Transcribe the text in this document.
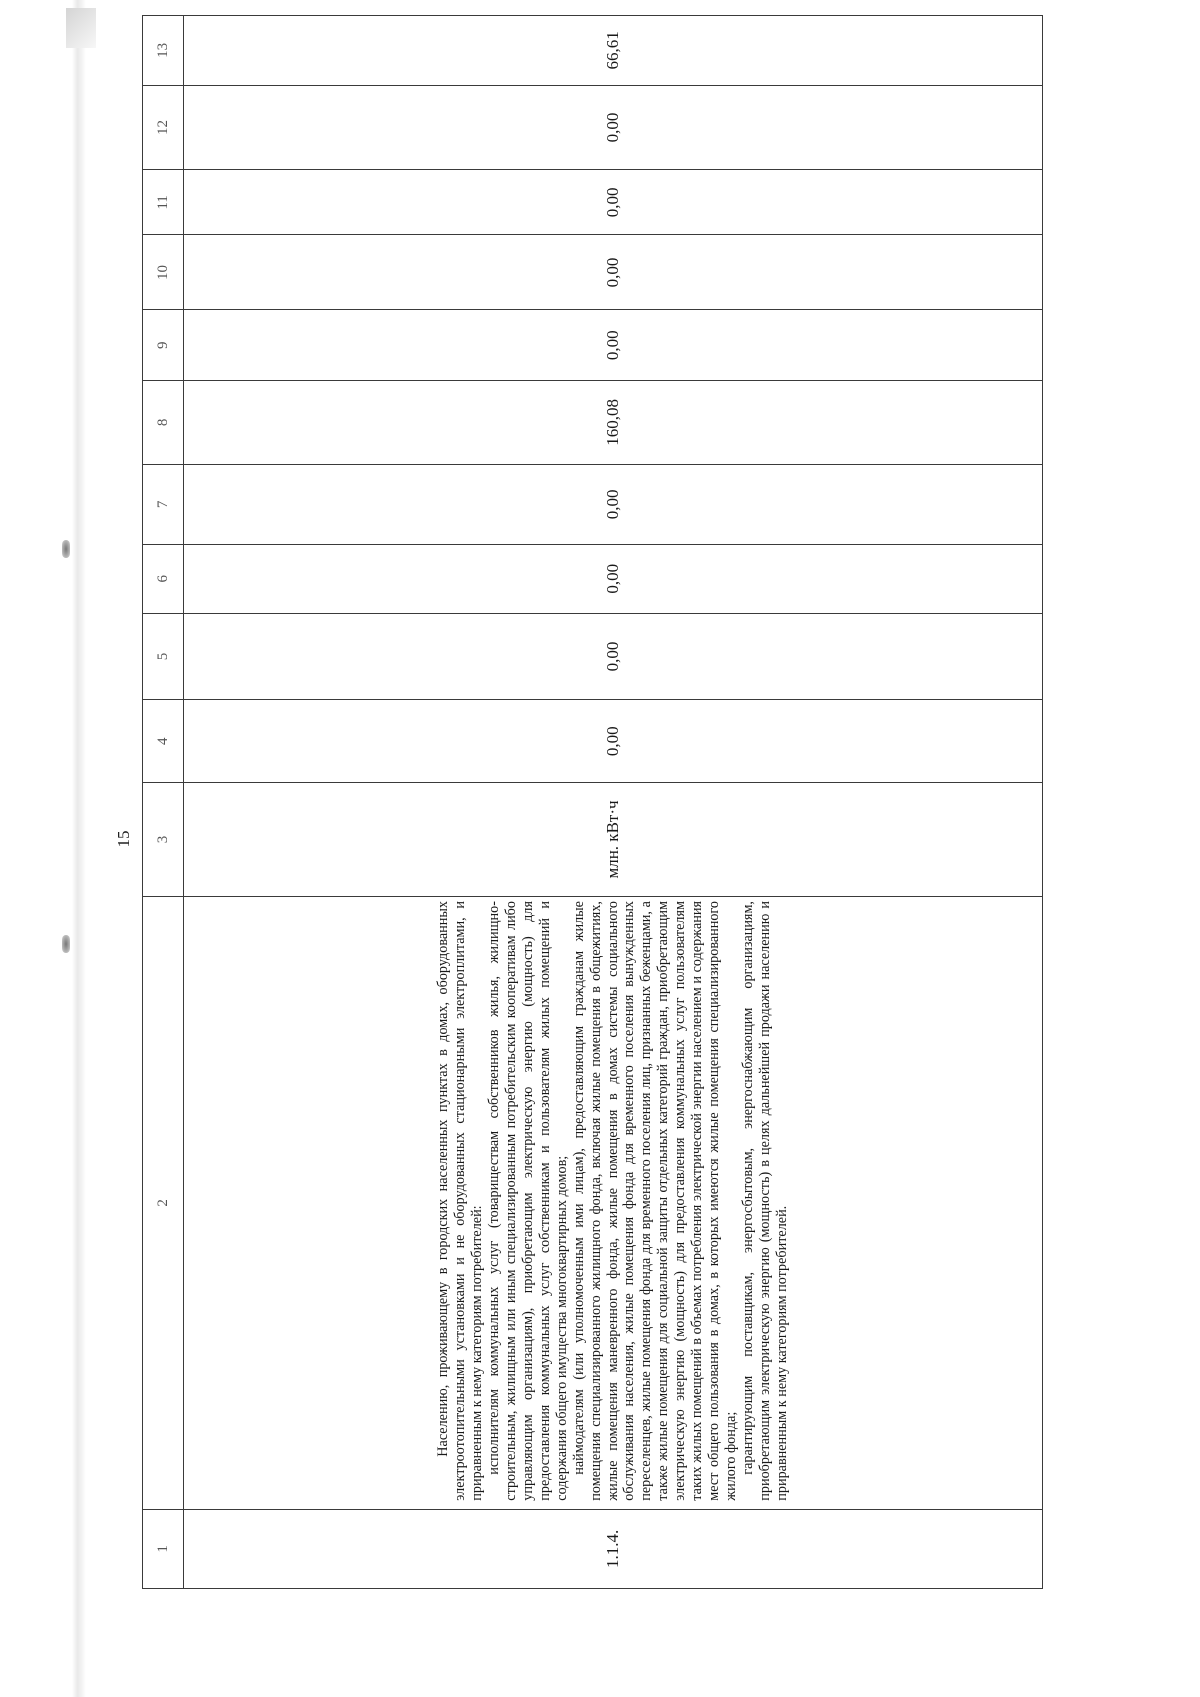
15
1	2	3	4	5	6	7	8	9	10	11	12	13
1.1.4.	Населению, проживающему в городских населенных пунктах в домах, оборудованных электроотопительными установками и не оборудованных стационарными электроплитами, и приравненным к нему категориям потребителей: исполнителям коммунальных услуг (товариществам собственников жилья, жилищно-строительным, жилищным или иным специализированным потребительским кооперативам либо управляющим организациям), приобретающим электрическую энергию (мощность) для предоставления коммунальных услуг собственникам и пользователям жилых помещений и содержания общего имущества многоквартирных домов; наймодателям (или уполномоченным ими лицам), предоставляющим гражданам жилые помещения специализированного жилищного фонда, включая жилые помещения в общежитиях, жилые помещения маневренного фонда, жилые помещения в домах системы социального обслуживания населения, жилые помещения фонда для временного поселения вынужденных переселенцев, жилые помещения фонда для временного поселения лиц, признанных беженцами, а также жилые помещения для социальной защиты отдельных категорий граждан, приобретающим электрическую энергию (мощность) для предоставления коммунальных услуг пользователям таких жилых помещений в объемах потребления электрической энергии населением и содержания мест общего пользования в домах, в которых имеются жилые помещения специализированного жилого фонда; гарантирующим поставщикам, энергосбытовым, энергоснабжающим организациям, приобретающим электрическую энергию (мощность) в целях дальнейшей продажи населению и приравненным к нему категориям потребителей.	млн. кВт·ч	0,00	0,00	0,00	0,00	160,08	0,00	0,00	0,00	0,00	66,61
